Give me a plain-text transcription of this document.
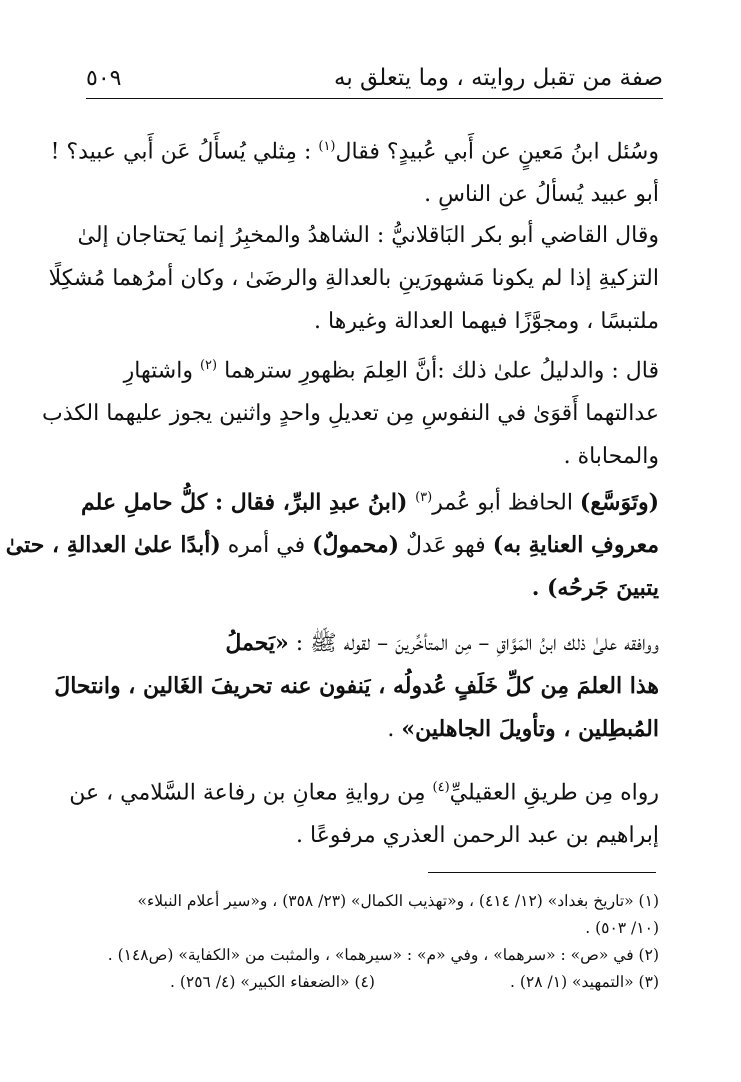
صفة من تقبل روايته ، وما يتعلق به
٥٠٩
وسُئل ابنُ مَعينٍ عن أَبي عُبيدٍ؟ فقال$^{(١)}$ : مِثلي يُسأَلُ عَن أَبي عبيد؟ !
أبو عبيد يُسألُ عن الناسِ .
وقال القاضي أبو بكر البَاقلانيُّ : الشاهدُ والمخبِرُ إنما يَحتاجان إلىٰ
التزكيةِ إذا لم يكونا مَشهورَينِ بالعدالةِ والرضَىٰ ، وكان أمرُهما مُشكِلًا
ملتبسًا ، ومجوَّزًا فيهما العدالة وغيرها .
قال : والدليلُ علىٰ ذلك :أنَّ العِلمَ بظهورِ سترهما $^{(٢)}$ واشتهارِ
عدالتهما أَقوَىٰ في النفوسِ مِن تعديلِ واحدٍ واثنين يجوز عليهما الكذب
والمحاباة .
(وتَوَسَّع) الحافظ أبو عُمر$^{(٣)}$ (ابنُ عبدِ البرِّ، فقال : كلُّ حاملِ علم
معروفِ العنايةِ به) فهو عَدلٌ (محمولٌ) في أمره (أبدًا علىٰ العدالةِ ، حتىٰ
يتبينَ جَرحُه) .
ووافقه علىٰ ذلك ابنُ المَوَّاقِ – مِن المتأخِّرينَ – لقوله ﷺ : «يَحملُ
هذا العلمَ مِن كلِّ خَلَفٍ عُدولُه ، يَنفون عنه تحريفَ الغَالين ، وانتحالَ
المُبطِلين ، وتأويلَ الجاهلين» .
رواه مِن طريقِ العقيليِّ$^{(٤)}$ مِن روايةِ معانِ بن رفاعة السَّلامي ، عن
إبراهيم بن عبد الرحمن العذري مرفوعًا .
(١) «تاريخ بغداد» (١٢/ ٤١٤) ، و«تهذيب الكمال» (٢٣/ ٣٥٨) ، و«سير أعلام النبلاء»
(١٠/ ٥٠٣) .
(٢) في «ص» : «سرهما» ، وفي «م» : «سيرهما» ، والمثبت من «الكفاية» (ص١٤٨) .
(٣) «التمهيد» (١/ ٢٨) .
(٤) «الضعفاء الكبير» (٤/ ٢٥٦) .
